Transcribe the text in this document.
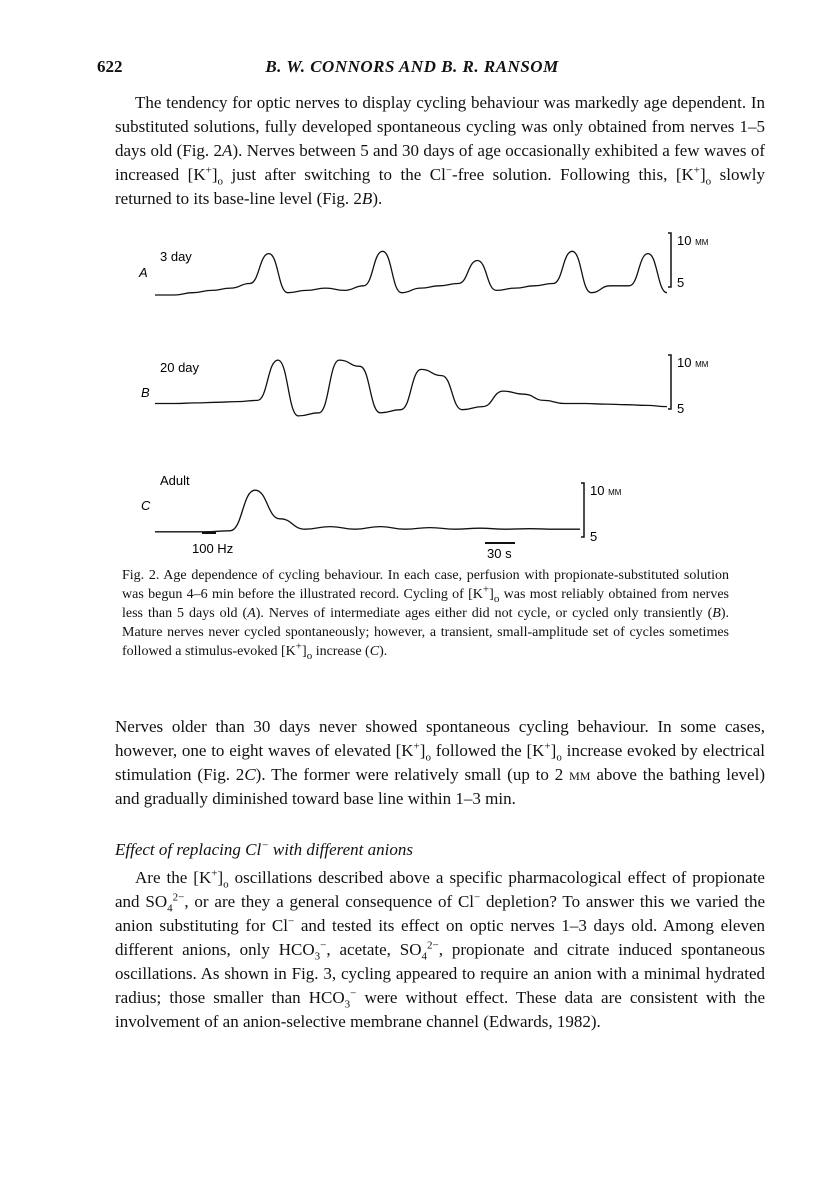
622	B. W. CONNORS AND B. R. RANSOM

The tendency for optic nerves to display cycling behaviour was markedly age dependent. In substituted solutions, fully developed spontaneous cycling was only obtained from nerves 1–5 days old (Fig. 2A). Nerves between 5 and 30 days of age occasionally exhibited a few waves of increased $[K^+]_o$ just after switching to the Cl−-free solution. Following this, $[K^+]_o$ slowly returned to its base-line level (Fig. 2B).

A
3 day
10 mm
5
B
20 day	10 mm
5
C
Adult
10 mm
5
100 Hz	30 s

Fig. 2. Age dependence of cycling behaviour. In each case, perfusion with propionate-substituted solution was begun 4–6 min before the illustrated record. Cycling of $[K^+]_o$ was most reliably obtained from nerves less than 5 days old (A). Nerves of intermediate ages either did not cycle, or cycled only transiently (B). Mature nerves never cycled spontaneously; however, a transient, small-amplitude set of cycles sometimes followed a stimulus-evoked $[K^+]_o$ increase (C).

Nerves older than 30 days never showed spontaneous cycling behaviour. In some cases, however, one to eight waves of elevated $[K^+]_o$ followed the $[K^+]_o$ increase evoked by electrical stimulation (Fig. 2C). The former were relatively small (up to 2 mm above the bathing level) and gradually diminished toward base line within 1–3 min.

Effect of replacing Cl− with different anions

Are the $[K^+]_o$ oscillations described above a specific pharmacological effect of propionate and $SO_4^{2-}$, or are they a general consequence of Cl− depletion? To answer this we varied the anion substituting for Cl− and tested its effect on optic nerves 1–3 days old. Among eleven different anions, only $HCO_3^-$, acetate, $SO_4^{2-}$, propionate and citrate induced spontaneous oscillations. As shown in Fig. 3, cycling appeared to require an anion with a minimal hydrated radius; those smaller than $HCO_3^-$ were without effect. These data are consistent with the involvement of an anion-selective membrane channel (Edwards, 1982).
